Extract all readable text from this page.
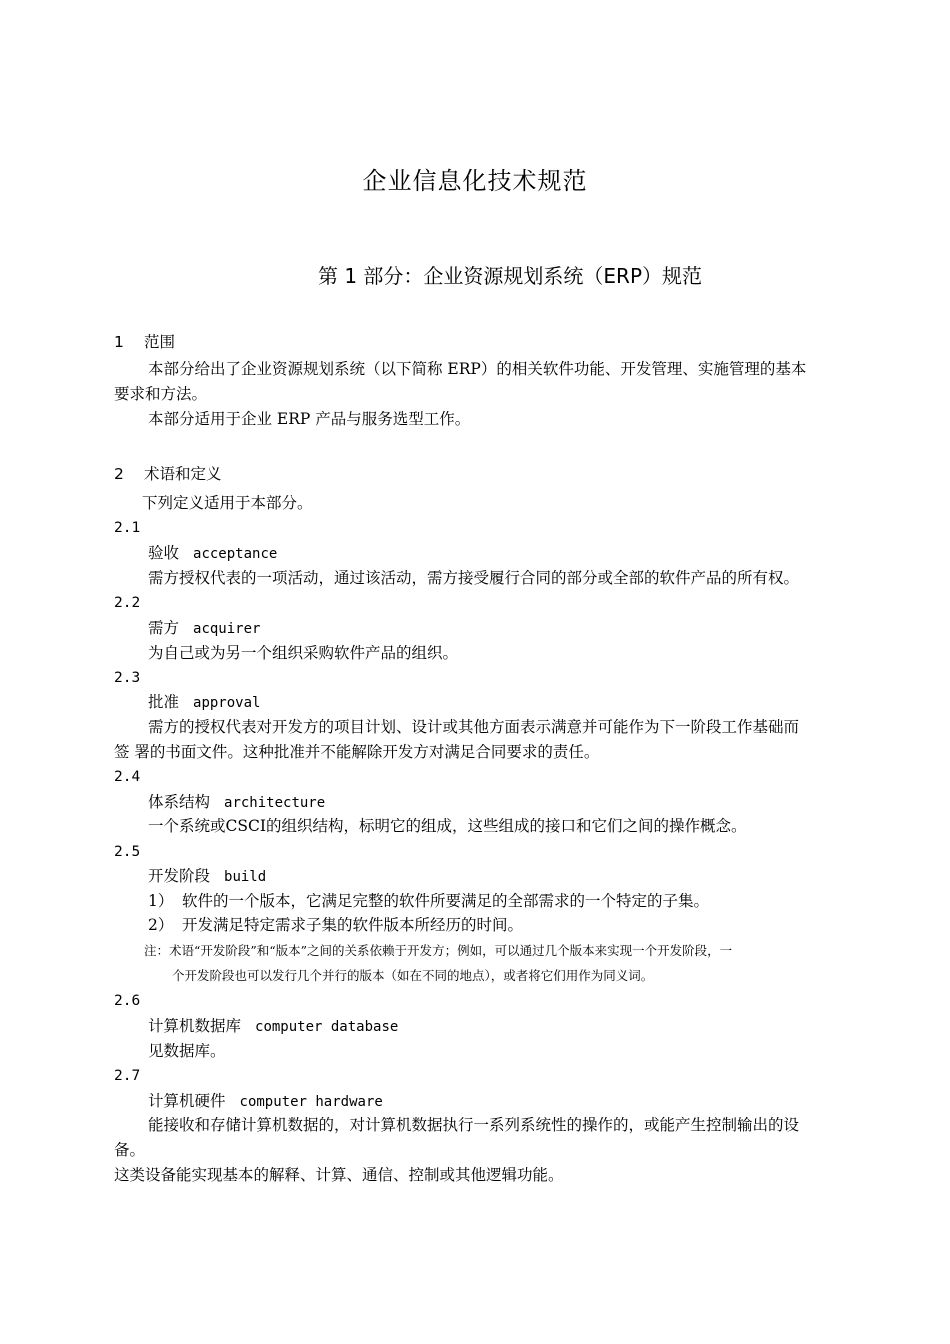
企业信息化技术规范
第 1 部分：企业资源规划系统（ERP）规范
1 范围
本部分给出了企业资源规划系统（以下简称 ERP）的相关软件功能、开发管理、实施管理的基本
要求和方法。
本部分适用于企业 ERP 产品与服务选型工作。
2 术语和定义
下列定义适用于本部分。
2.1
验收 acceptance
需方授权代表的一项活动，通过该活动，需方接受履行合同的部分或全部的软件产品的所有权。
2.2
需方 acquirer
为自己或为另一个组织采购软件产品的组织。
2.3
批准 approval
需方的授权代表对开发方的项目计划、设计或其他方面表示满意并可能作为下一阶段工作基础而
签 署的书面文件。这种批准并不能解除开发方对满足合同要求的责任。
2.4
体系结构 architecture
一个系统或CSCI的组织结构，标明它的组成，这些组成的接口和它们之间的操作概念。
2.5
开发阶段 build
1） 软件的一个版本，它满足完整的软件所要满足的全部需求的一个特定的子集。
2） 开发满足特定需求子集的软件版本所经历的时间。
注：术语“开发阶段”和“版本”之间的关系依赖于开发方；例如，可以通过几个版本来实现一个开发阶段，一
个开发阶段也可以发行几个并行的版本（如在不同的地点），或者将它们用作为同义词。
2.6
计算机数据库 computer database
见数据库。
2.7
计算机硬件 computer hardware
能接收和存储计算机数据的，对计算机数据执行一系列系统性的操作的，或能产生控制输出的设
备。
这类设备能实现基本的解释、计算、通信、控制或其他逻辑功能。
